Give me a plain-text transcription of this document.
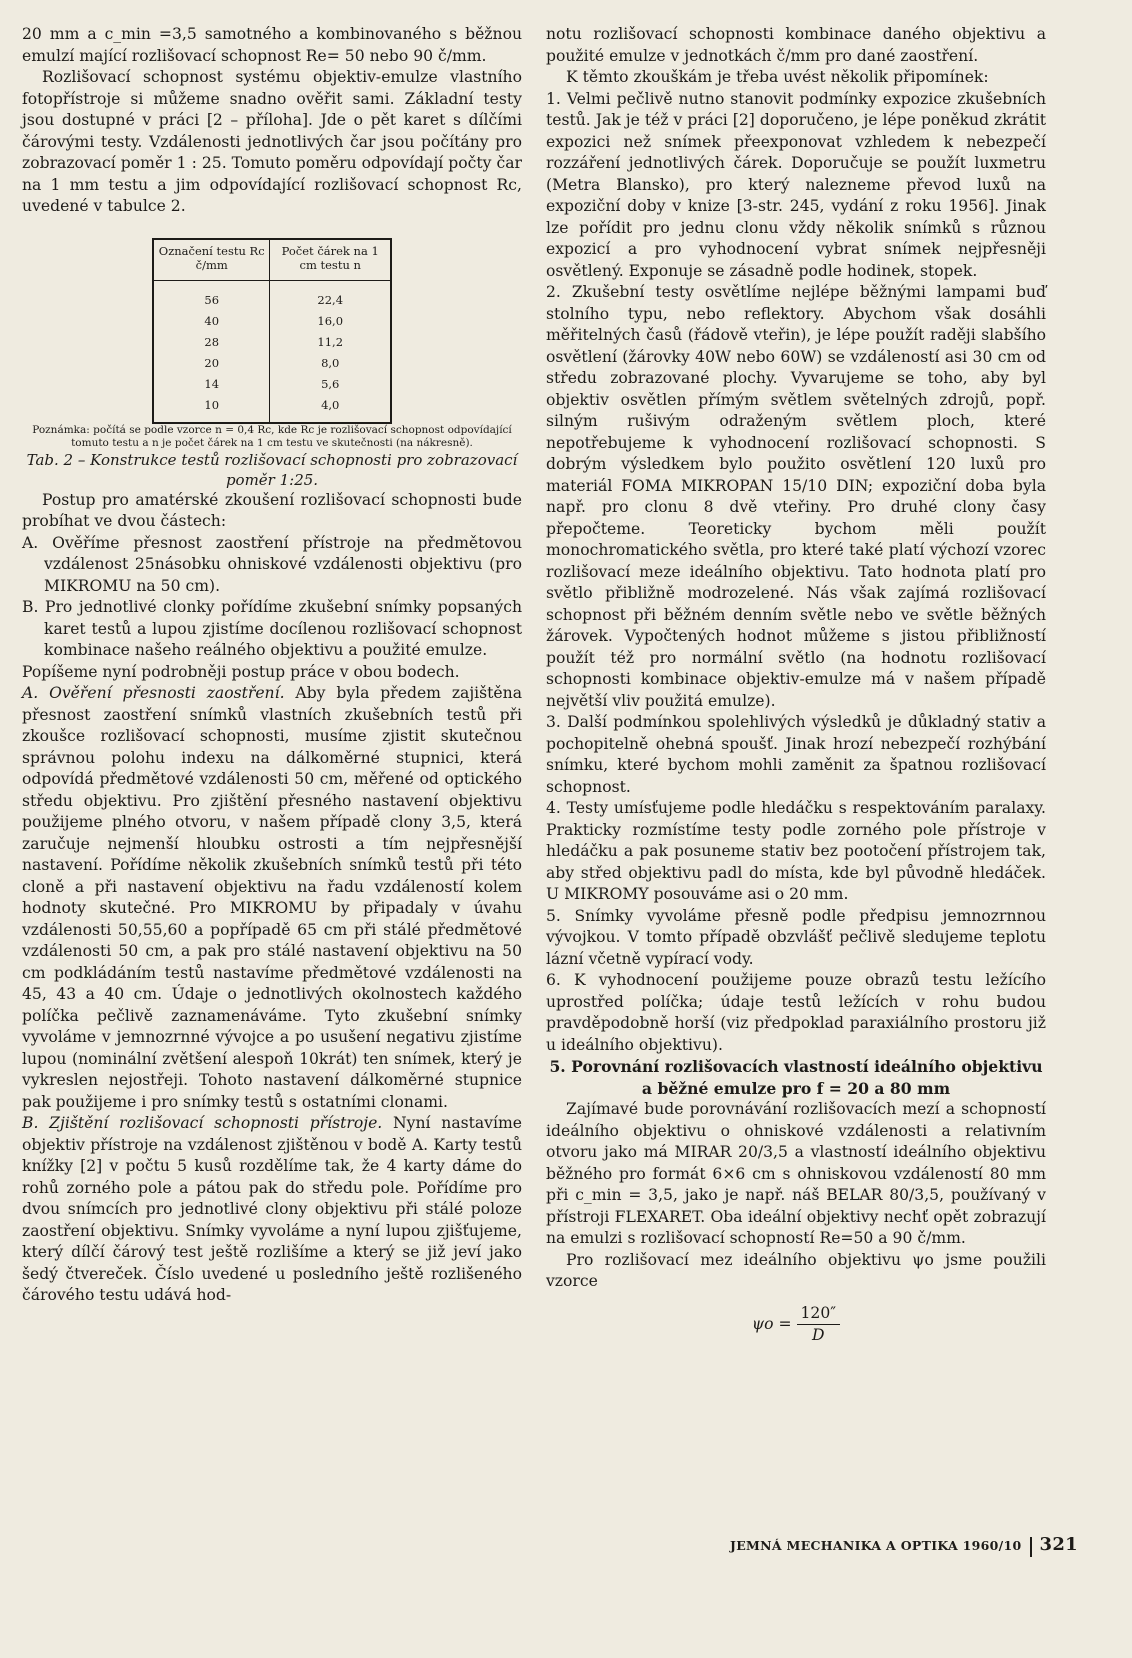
20 mm a c_min =3,5 samotného a kombinovaného s běžnou emulzí mající rozlišovací schopnost Re= 50 nebo 90 č/mm.

Rozlišovací schopnost systému objektiv-emulze vlastního fotopřístroje si můžeme snadno ověřit sami. Základní testy jsou dostupné v práci [2 – příloha]. Jde o pět karet s dílčími čárovými testy. Vzdálenosti jednotlivých čar jsou počítány pro zobrazovací poměr 1 : 25. Tomuto poměru odpovídají počty čar na 1 mm testu a jim odpovídající rozlišovací schopnost Rc, uvedené v tabulce 2.

Označení testu Rc č/mm	Počet čárek na 1 cm testu n
56	22,4
40	16,0
28	11,2
20	8,0
14	5,6
10	4,0

Poznámka: počítá se podle vzorce n = 0,4 Rc, kde Rc je rozlišovací schopnost odpovídající tomuto testu a n je počet čárek na 1 cm testu ve skutečnosti (na nákresně).

Tab. 2 – Konstrukce testů rozlišovací schopnosti pro zobrazovací poměr 1:25.

Postup pro amatérské zkoušení rozlišovací schopnosti bude probíhat ve dvou částech:

A. Ověříme přesnost zaostření přístroje na předmětovou vzdálenost 25násobku ohniskové vzdálenosti objektivu (pro MIKROMU na 50 cm).

B. Pro jednotlivé clonky pořídíme zkušební snímky popsaných karet testů a lupou zjistíme docílenou rozlišovací schopnost kombinace našeho reálného objektivu a použité emulze.

Popíšeme nyní podrobněji postup práce v obou bodech.

A. Ověření přesnosti zaostření. Aby byla předem zajištěna přesnost zaostření snímků vlastních zkušebních testů při zkoušce rozlišovací schopnosti, musíme zjistit skutečnou správnou polohu indexu na dálkoměrné stupnici, která odpovídá předmětové vzdálenosti 50 cm, měřené od optického středu objektivu. Pro zjištění přesného nastavení objektivu použijeme plného otvoru, v našem případě clony 3,5, která zaručuje nejmenší hloubku ostrosti a tím nejpřesnější nastavení. Pořídíme několik zkušebních snímků testů při této cloně a při nastavení objektivu na řadu vzdáleností kolem hodnoty skutečné. Pro MIKROMU by připadaly v úvahu vzdálenosti 50,55,60 a popřípadě 65 cm při stálé předmětové vzdálenosti 50 cm, a pak pro stálé nastavení objektivu na 50 cm podkládáním testů nastavíme předmětové vzdálenosti na 45, 43 a 40 cm. Údaje o jednotlivých okolnostech každého políčka pečlivě zaznamenáváme. Tyto zkušební snímky vyvoláme v jemnozrnné vývojce a po usušení negativu zjistíme lupou (nominální zvětšení alespoň 10krát) ten snímek, který je vykreslen nejostřeji. Tohoto nastavení dálkoměrné stupnice pak použijeme i pro snímky testů s ostatními clonami.

B. Zjištění rozlišovací schopnosti přístroje. Nyní nastavíme objektiv přístroje na vzdálenost zjištěnou v bodě A. Karty testů knížky [2] v počtu 5 kusů rozdělíme tak, že 4 karty dáme do rohů zorného pole a pátou pak do středu pole. Pořídíme pro dvou snímcích pro jednotlivé clony objektivu při stálé poloze zaostření objektivu. Snímky vyvoláme a nyní lupou zjišťujeme, který dílčí čárový test ještě rozlišíme a který se již jeví jako šedý čtvereček. Číslo uvedené u posledního ještě rozlišeného čárového testu udává hod-

notu rozlišovací schopnosti kombinace daného objektivu a použité emulze v jednotkách č/mm pro dané zaostření.

K těmto zkouškám je třeba uvést několik připomínek:

1. Velmi pečlivě nutno stanovit podmínky expozice zkušebních testů. Jak je též v práci [2] doporučeno, je lépe poněkud zkrátit expozici než snímek přeexponovat vzhledem k nebezpečí rozzáření jednotlivých čárek. Doporučuje se použít luxmetru (Metra Blansko), pro který nalezneme převod luxů na expoziční doby v knize [3-str. 245, vydání z roku 1956]. Jinak lze pořídit pro jednu clonu vždy několik snímků s různou expozicí a pro vyhodnocení vybrat snímek nejpřesněji osvětlený. Exponuje se zásadně podle hodinek, stopek.

2. Zkušební testy osvětlíme nejlépe běžnými lampami buď stolního typu, nebo reflektory. Abychom však dosáhli měřitelných časů (řádově vteřin), je lépe použít raději slabšího osvětlení (žárovky 40W nebo 60W) se vzdáleností asi 30 cm od středu zobrazované plochy. Vyvarujeme se toho, aby byl objektiv osvětlen přímým světlem světelných zdrojů, popř. silným rušivým odraženým světlem ploch, které nepotřebujeme k vyhodnocení rozlišovací schopnosti. S dobrým výsledkem bylo použito osvětlení 120 luxů pro materiál FOMA MIKROPAN 15/10 DIN; expoziční doba byla např. pro clonu 8 dvě vteřiny. Pro druhé clony časy přepočteme. Teoreticky bychom měli použít monochromatického světla, pro které také platí výchozí vzorec rozlišovací meze ideálního objektivu. Tato hodnota platí pro světlo přibližně modrozelené. Nás však zajímá rozlišovací schopnost při běžném denním světle nebo ve světle běžných žárovek. Vypočtených hodnot můžeme s jistou přibližností použít též pro normální světlo (na hodnotu rozlišovací schopnosti kombinace objektiv-emulze má v našem případě největší vliv použitá emulze).

3. Další podmínkou spolehlivých výsledků je důkladný stativ a pochopitelně ohebná spoušť. Jinak hrozí nebezpečí rozhýbání snímku, které bychom mohli zaměnit za špatnou rozlišovací schopnost.

4. Testy umísťujeme podle hledáčku s respektováním paralaxy. Prakticky rozmístíme testy podle zorného pole přístroje v hledáčku a pak posuneme stativ bez pootočení přístrojem tak, aby střed objektivu padl do místa, kde byl původně hledáček. U MIKROMY posouváme asi o 20 mm.

5. Snímky vyvoláme přesně podle předpisu jemnozrnnou vývojkou. V tomto případě obzvlášť pečlivě sledujeme teplotu lázní včetně vypírací vody.

6. K vyhodnocení použijeme pouze obrazů testu ležícího uprostřed políčka; údaje testů ležících v rohu budou pravděpodobně horší (viz předpoklad paraxiálního prostoru již u ideálního objektivu).

5. Porovnání rozlišovacích vlastností ideálního objektivu a běžné emulze pro f = 20 a 80 mm

Zajímavé bude porovnávání rozlišovacích mezí a schopností ideálního objektivu o ohniskové vzdálenosti a relativním otvoru jako má MIRAR 20/3,5 a vlastností ideálního objektivu běžného pro formát 6×6 cm s ohniskovou vzdáleností 80 mm při c_min = 3,5, jako je např. náš BELAR 80/3,5, používaný v přístroji FLEXARET. Oba ideální objektivy nechť opět zobrazují na emulzi s rozlišovací schopností Re=50 a 90 č/mm.

Pro rozlišovací mez ideálního objektivu ψo jsme použili vzorce

$\psi o = \frac{120''}{D}$
JEMNÁ MECHANIKA A OPTIKA 1960/10 321
